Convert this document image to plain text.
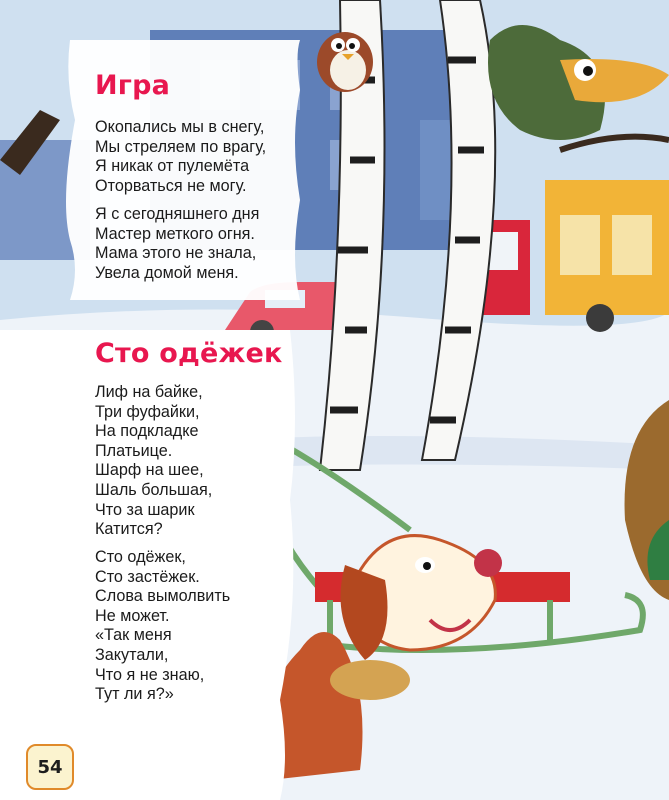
Игра
Окопались мы в снегу,
Мы стреляем по врагу,
Я никак от пулемёта
Оторваться не могу.
Я с сегодняшнего дня
Мастер меткого огня.
Мама этого не знала,
Увела домой меня.
Сто одёжек
Лиф на байке,
Три фуфайки,
На подкладке
Платьице.
Шарф на шее,
Шаль большая,
Что за шарик
Катится?
Сто одёжек,
Сто застёжек.
Слова вымолвить
Не может.
«Так меня
Закутали,
Что я не знаю,
Тут ли я?»
54
